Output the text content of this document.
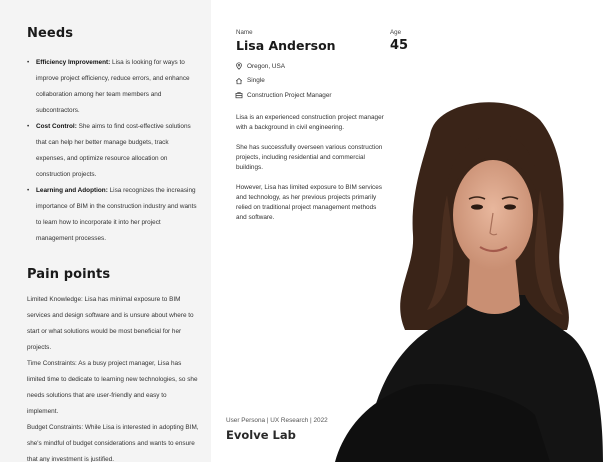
Needs
• Efficiency Improvement: Lisa is looking for ways to improve project efficiency, reduce errors, and enhance collaboration among her team members and subcontractors.
• Cost Control: She aims to find cost-effective solutions that can help her better manage budgets, track expenses, and optimize resource allocation on construction projects.
• Learning and Adoption: Lisa recognizes the increasing importance of BIM in the construction industry and wants to learn how to incorporate it into her project management processes.
Pain points

Limited Knowledge: Lisa has minimal exposure to BIM services and design software and is unsure about where to start or what solutions would be most beneficial for her projects.

Time Constraints: As a busy project manager, Lisa has limited time to dedicate to learning new technologies, so she needs solutions that are user-friendly and easy to implement.

Budget Constraints: While Lisa is interested in adopting BIM, she's mindful of budget considerations and wants to ensure that any investment is justified.

Name
Lisa Anderson
Age
45
Oregon, USA
Single
Construction Project Manager

Lisa is an experienced construction project manager with a background in civil engineering.

She has successfully overseen various construction projects, including residential and commercial buildings.

However, Lisa has limited exposure to BIM services and technology, as her previous projects primarily relied on traditional project management methods and software.

User Persona | UX Research | 2022
Evolve Lab
